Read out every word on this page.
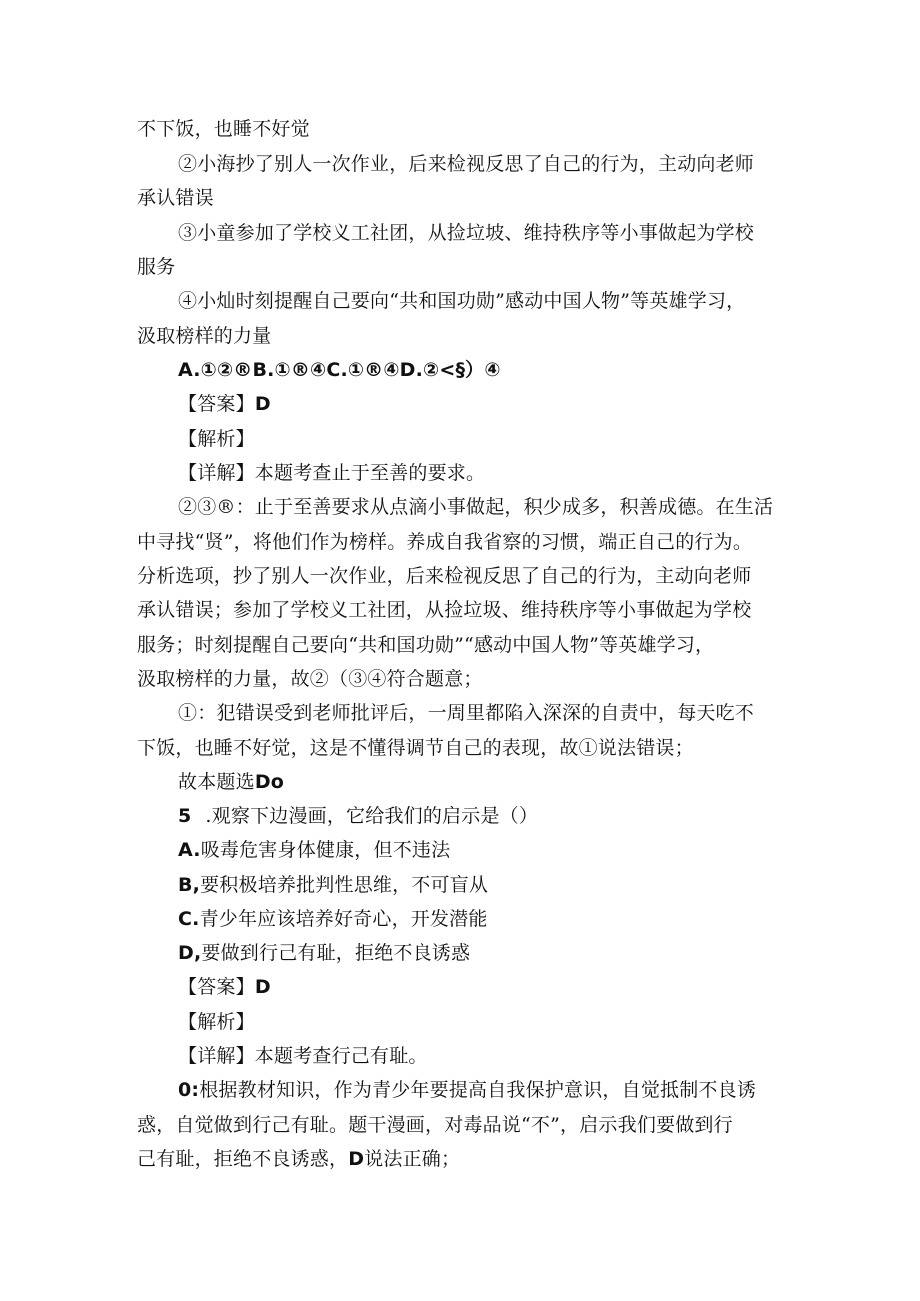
不下饭，也睡不好觉
②小海抄了别人一次作业，后来检视反思了自己的行为，主动向老师
承认错误
③小童参加了学校义工社团，从捡垃坡、维持秩序等小事做起为学校
服务
④小灿时刻提醒自己要向“共和国功勋”感动中国人物”等英雄学习，
汲取榜样的力量
A.①②®B.①®④C.①®④D.②<§）④
【答案】D
【解析】
【详解】本题考查止于至善的要求。
②③®：止于至善要求从点滴小事做起，积少成多，积善成德。在生活
中寻找“贤”，将他们作为榜样。养成自我省察的习惯，端正自己的行为。
分析选项，抄了别人一次作业，后来检视反思了自己的行为，主动向老师
承认错误；参加了学校义工社团，从捡垃圾、维持秩序等小事做起为学校
服务；时刻提醒自己要向“共和国功勋”“感动中国人物”等英雄学习，
汲取榜样的力量，故②（③④符合题意；
①：犯错误受到老师批评后，一周里都陷入深深的自责中，每天吃不
下饭，也睡不好觉，这是不懂得调节自己的表现，故①说法错误；
故本题选Do
5 .观察下边漫画，它给我们的启示是（）
A.吸毒危害身体健康，但不违法
B,要积极培养批判性思维，不可盲从
C.青少年应该培养好奇心，开发潜能
D,要做到行己有耻，拒绝不良诱惑
【答案】D
【解析】
【详解】本题考查行己有耻。
0:根据教材知识，作为青少年要提高自我保护意识，自觉抵制不良诱
惑，自觉做到行己有耻。题干漫画，对毒品说“不”，启示我们要做到行
己有耻，拒绝不良诱惑，D说法正确；
